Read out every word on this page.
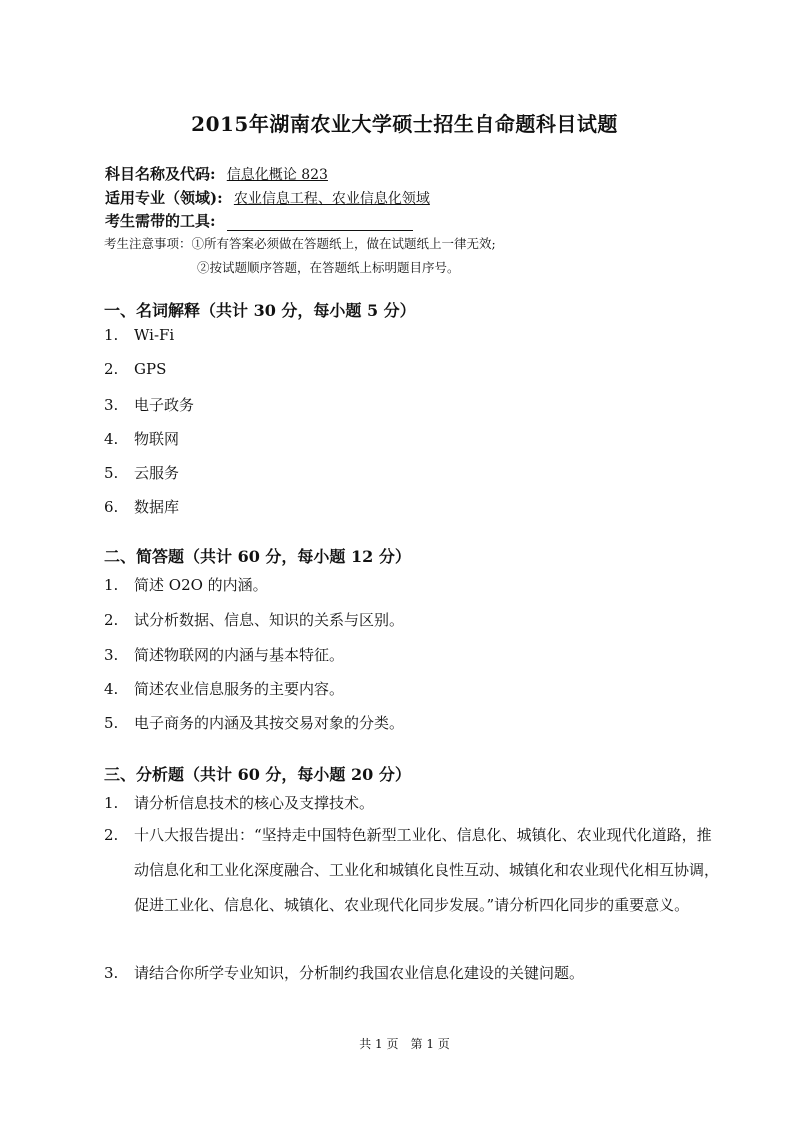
2015年湖南农业大学硕士招生自命题科目试题
科目名称及代码: 信息化概论 823
适用专业（领域): 农业信息工程、农业信息化领域
考生需带的工具:
考生注意事项：①所有答案必须做在答题纸上，做在试题纸上一律无效;
②按试题顺序答题，在答题纸上标明题目序号。
一、名词解释（共计 30 分，每小题 5 分）
1. Wi-Fi
2. GPS
3. 电子政务
4. 物联网
5. 云服务
6. 数据库
二、简答题（共计 60 分，每小题 12 分）
1. 简述 O2O 的内涵。
2. 试分析数据、信息、知识的关系与区别。
3. 简述物联网的内涵与基本特征。
4. 简述农业信息服务的主要内容。
5. 电子商务的内涵及其按交易对象的分类。
三、分析题（共计 60 分，每小题 20 分）
1. 请分析信息技术的核心及支撑技术。
2.	十八大报告提出：“坚持走中国特色新型工业化、信息化、城镇化、农业现代化道路，推动信息化和工业化深度融合、工业化和城镇化良性互动、城镇化和农业现代化相互协调，促进工业化、信息化、城镇化、农业现代化同步发展。”请分析四化同步的重要意义。
3. 请结合你所学专业知识，分析制约我国农业信息化建设的关键问题。
共 1 页 第 1 页
